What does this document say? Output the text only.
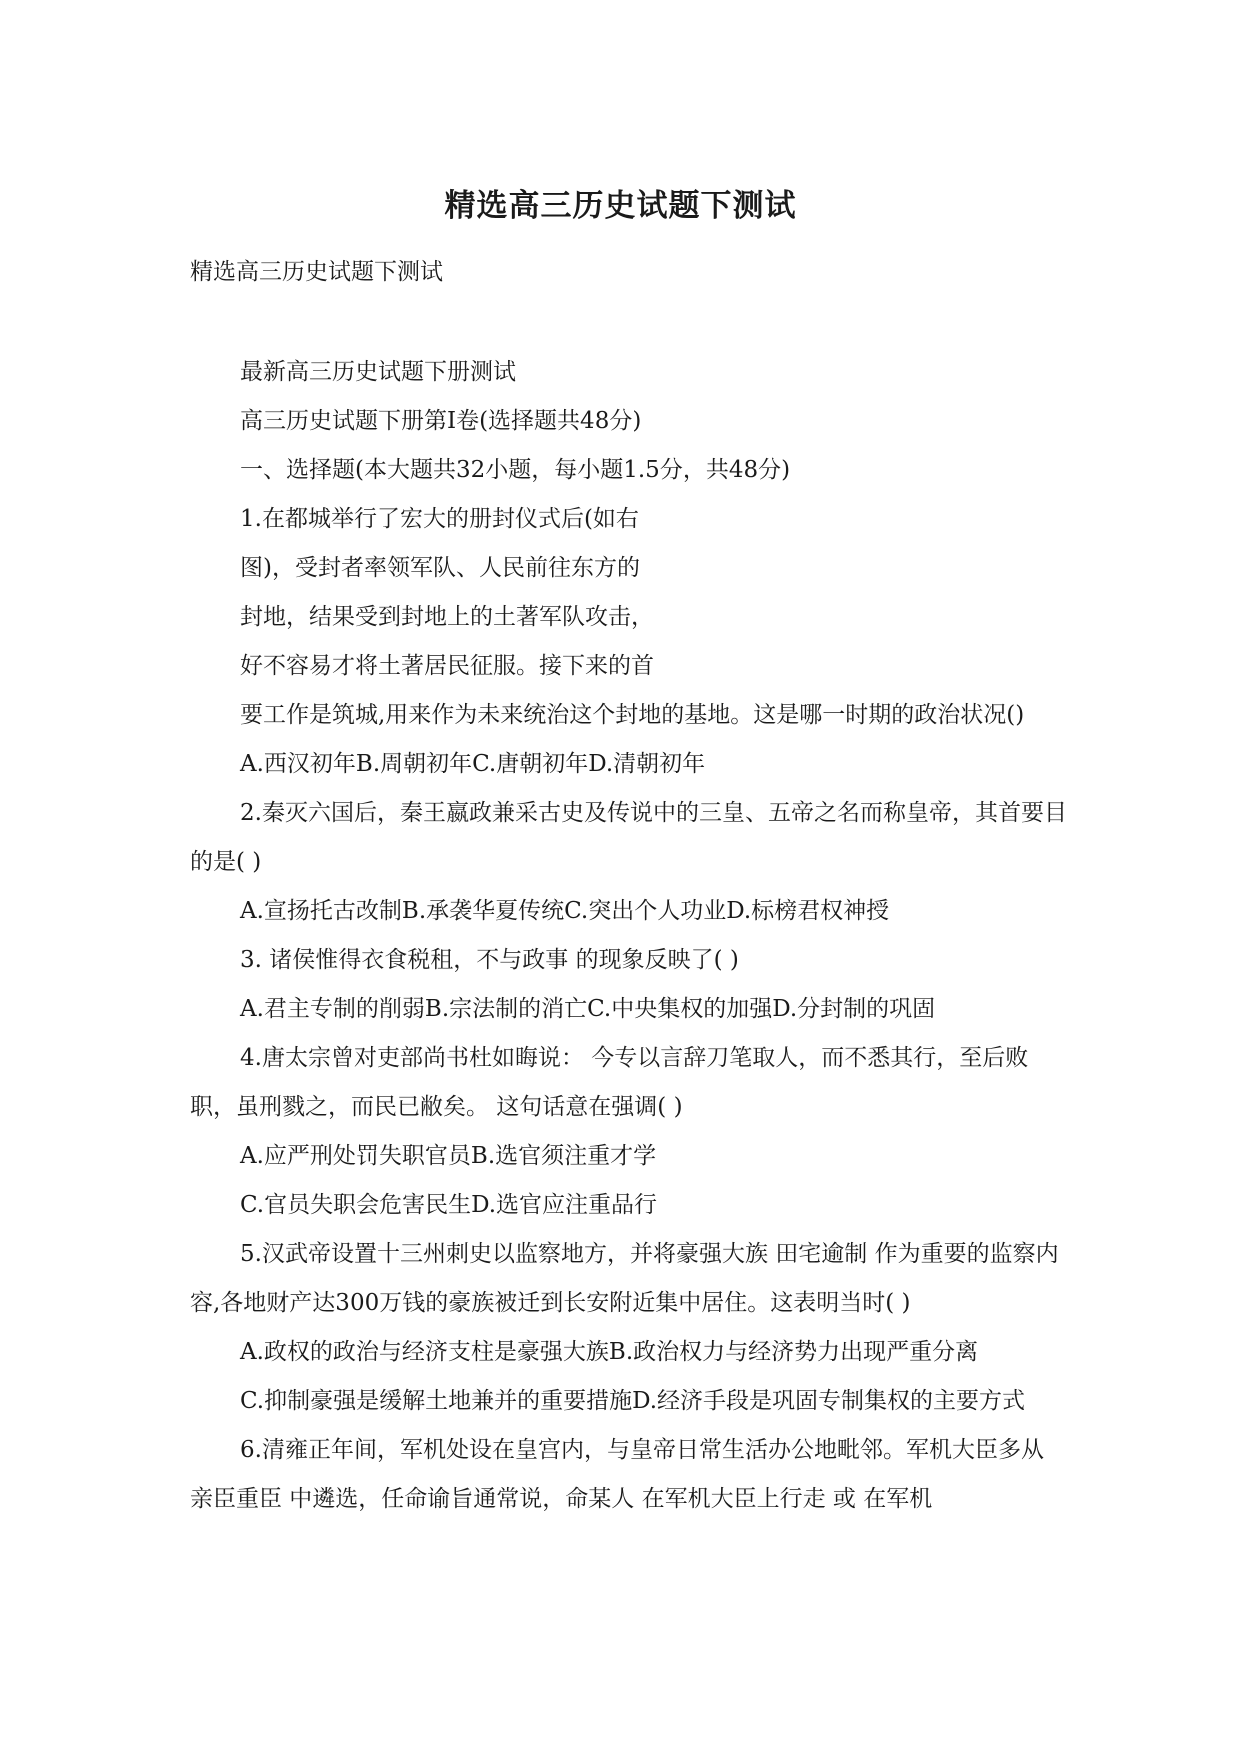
精选高三历史试题下测试
精选高三历史试题下测试

最新高三历史试题下册测试

高三历史试题下册第Ⅰ卷(选择题共48分)

一、选择题(本大题共32小题，每小题1.5分，共48分)

1.在都城举行了宏大的册封仪式后(如右

图)，受封者率领军队、人民前往东方的

封地，结果受到封地上的土著军队攻击，

好不容易才将土著居民征服。接下来的首

要工作是筑城,用来作为未来统治这个封地的基地。这是哪一时期的政治状况()

A.西汉初年B.周朝初年C.唐朝初年D.清朝初年

2.秦灭六国后，秦王嬴政兼采古史及传说中的三皇、五帝之名而称皇帝，其首要目的是( )

A.宣扬托古改制B.承袭华夏传统C.突出个人功业D.标榜君权神授

3. 诸侯惟得衣食税租，不与政事 的现象反映了( )

A.君主专制的削弱B.宗法制的消亡C.中央集权的加强D.分封制的巩固

4.唐太宗曾对吏部尚书杜如晦说： 今专以言辞刀笔取人，而不悉其行，至后败职，虽刑戮之，而民已敝矣。 这句话意在强调( )

A.应严刑处罚失职官员B.选官须注重才学

C.官员失职会危害民生D.选官应注重品行

5.汉武帝设置十三州刺史以监察地方，并将豪强大族 田宅逾制 作为重要的监察内容,各地财产达300万钱的豪族被迁到长安附近集中居住。这表明当时( )

A.政权的政治与经济支柱是豪强大族B.政治权力与经济势力出现严重分离

C.抑制豪强是缓解土地兼并的重要措施D.经济手段是巩固专制集权的主要方式

6.清雍正年间，军机处设在皇宫内，与皇帝日常生活办公地毗邻。军机大臣多从 亲臣重臣 中遴选，任命谕旨通常说，命某人 在军机大臣上行走 或 在军机
